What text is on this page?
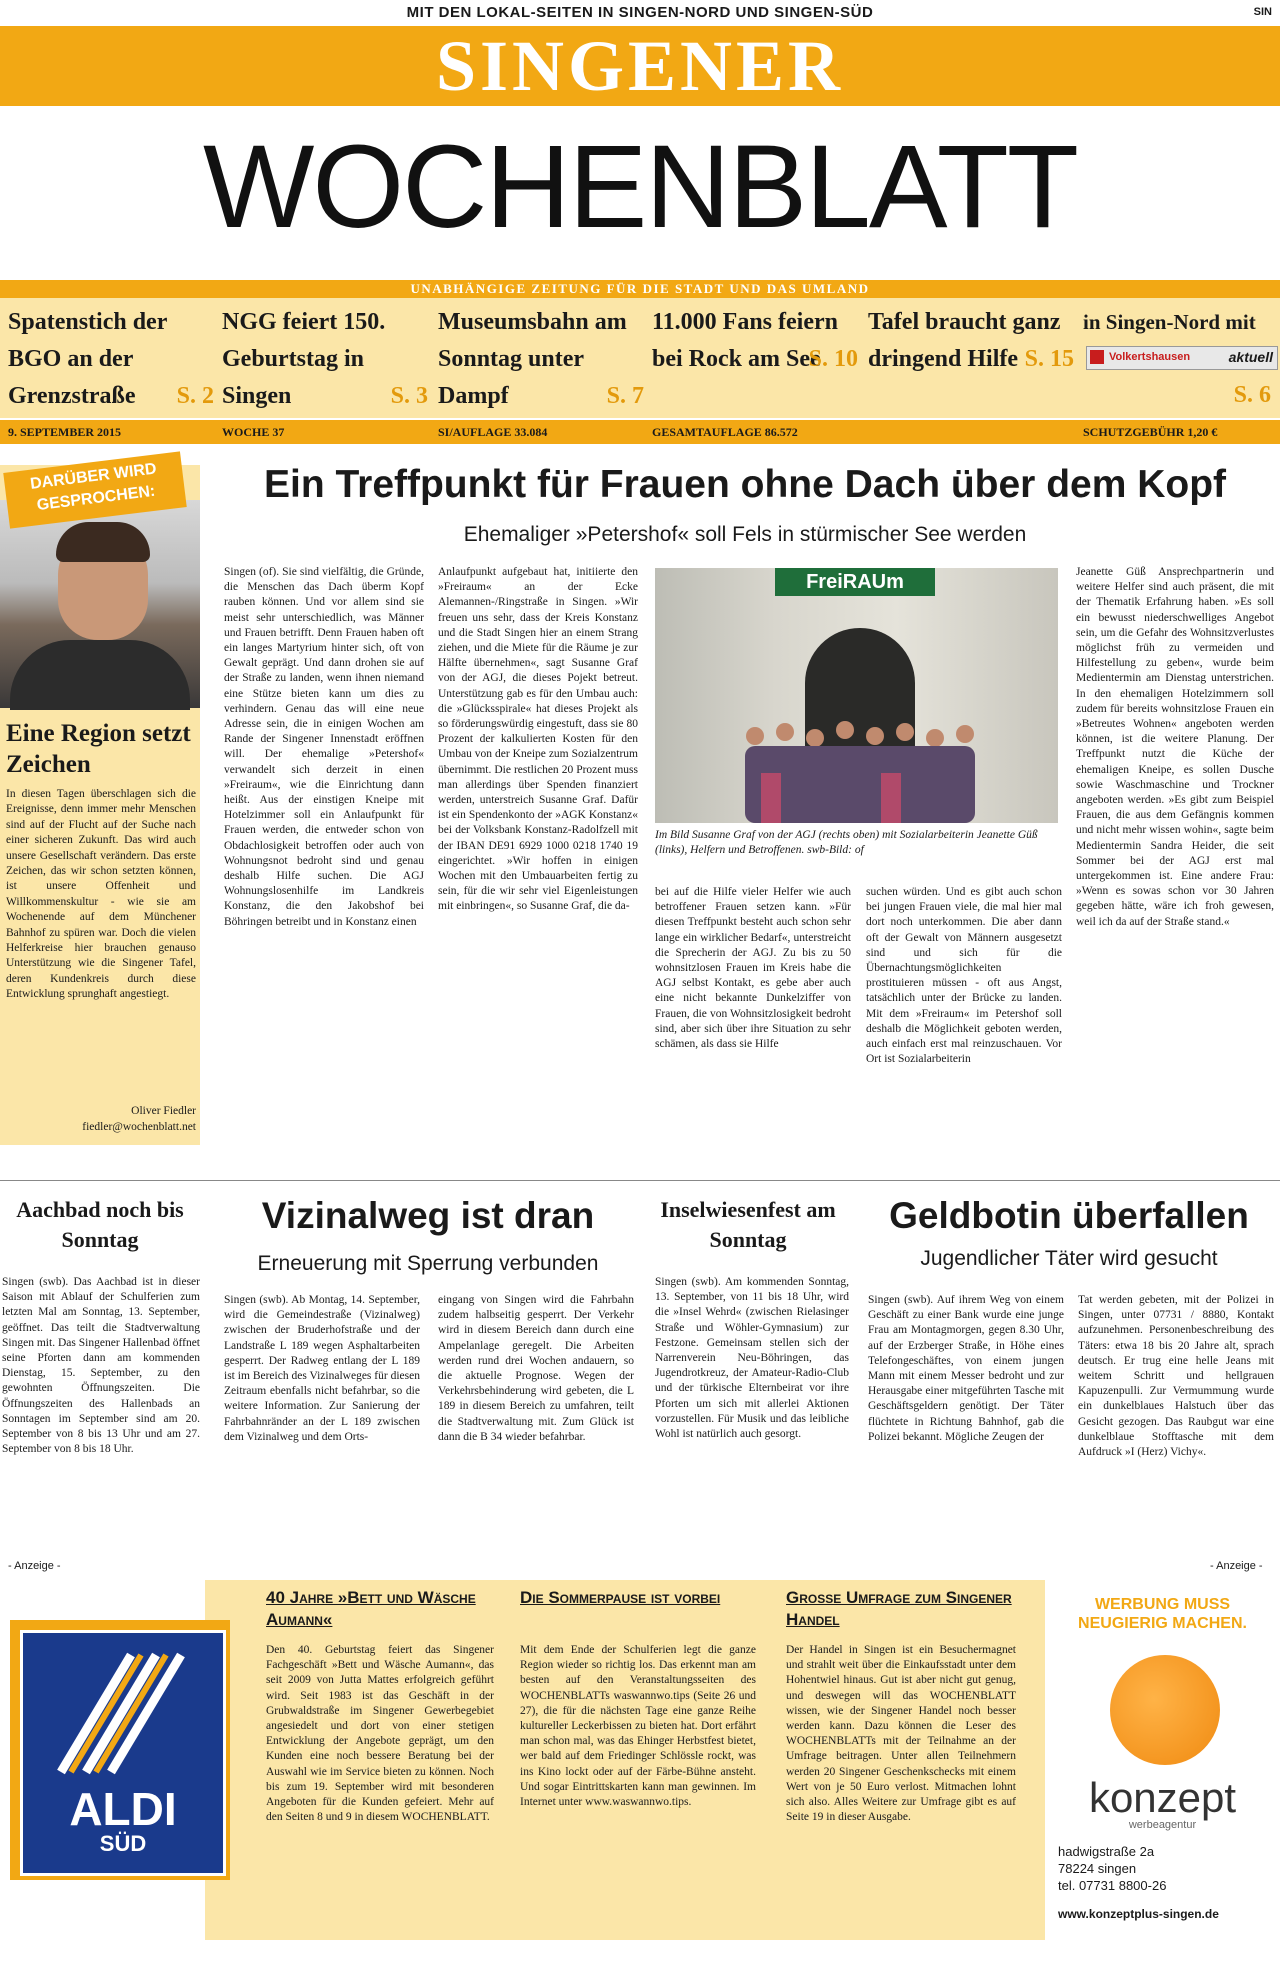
MIT DEN LOKAL-SEITEN IN SINGEN-NORD UND SINGEN-SÜD	SIN
SINGENER
WOCHENBLATT
UNABHÄNGIGE ZEITUNG FÜR DIE STADT UND DAS UMLAND
Spatenstich der BGO an der Grenzstraße S. 2
NGG feiert 150. Geburtstag in Singen	S. 3
Museumsbahn am Sonntag unter Dampf	S. 7
11.000 Fans feiern bei Rock am See
S. 10
Tafel braucht ganz dringend Hilfe S. 15
in Singen-Nord mit
S. 6
Volkertshausen	aktuell
9. SEPTEMBER 2015	WOCHE 37	SI/AUFLAGE 33.084	GESAMTAUFLAGE 86.572	SCHUTZGEBÜHR 1,20 €
DARÜBER WIRD GESPROCHEN:
Eine Region setzt Zeichen
In diesen Tagen überschlagen sich die Ereignisse, denn immer mehr Menschen sind auf der Flucht auf der Suche nach einer sicheren Zukunft. Das wird auch unsere Gesellschaft verändern. Das erste Zeichen, das wir schon setzten können, ist unsere Offenheit und Willkommenskultur - wie sie am Wochenende auf dem Münchener Bahnhof zu spüren war. Doch die vielen Helferkreise hier brauchen genauso Unterstützung wie die Singener Tafel, deren Kundenkreis durch diese Entwicklung sprunghaft angestiegt.
Oliver Fiedler
fiedler@wochenblatt.net
Ein Treffpunkt für Frauen ohne Dach über dem Kopf
Ehemaliger »Petershof« soll Fels in stürmischer See werden
Singen (of). Sie sind vielfältig, die Gründe, die Menschen das Dach überm Kopf rauben können. Und vor allem sind sie meist sehr unterschiedlich, was Männer und Frauen betrifft. Denn Frauen haben oft ein langes Martyrium hinter sich, oft von Gewalt geprägt. Und dann drohen sie auf der Straße zu landen, wenn ihnen niemand eine Stütze bieten kann um dies zu verhindern. Genau das will eine neue Adresse sein, die in einigen Wochen am Rande der Singener Innenstadt eröffnen will. Der ehemalige »Petershof« verwandelt sich derzeit in einen »Freiraum«, wie die Einrichtung dann heißt. Aus der einstigen Kneipe mit Hotelzimmer soll ein Anlaufpunkt für Frauen werden, die entweder schon von Obdachlosigkeit betroffen oder auch von Wohnungsnot bedroht sind und genau deshalb Hilfe suchen. Die AGJ Wohnungslosenhilfe im Landkreis Konstanz, die den Jakobshof bei Böhringen betreibt und in Konstanz einen
Anlaufpunkt aufgebaut hat, initiierte den »Freiraum« an der Ecke Alemannen-/Ringstraße in Singen. »Wir freuen uns sehr, dass der Kreis Konstanz und die Stadt Singen hier an einem Strang ziehen, und die Miete für die Räume je zur Hälfte übernehmen«, sagt Susanne Graf von der AGJ, die dieses Pojekt betreut. Unterstützung gab es für den Umbau auch: die »Glücksspirale« hat dieses Projekt als so förderungswürdig eingestuft, dass sie 80 Prozent der kalkulierten Kosten für den Umbau von der Kneipe zum Sozialzentrum übernimmt. Die restlichen 20 Prozent muss man allerdings über Spenden finanziert werden, unterstreich Susanne Graf. Dafür ist ein Spendenkonto der »AGK Konstanz« bei der Volksbank Konstanz-Radolfzell mit der IBAN DE91 6929 1000 0218 1740 19 eingerichtet. »Wir hoffen in einigen Wochen mit den Umbauarbeiten fertig zu sein, für die wir sehr viel Eigenleistungen mit einbringen«, so Susanne Graf, die da-
FreiRAUm
Im Bild Susanne Graf von der AGJ (rechts oben) mit Sozialarbeiterin Jeanette Güß (links), Helfern und Betroffenen. swb-Bild: of
bei auf die Hilfe vieler Helfer wie auch betroffener Frauen setzen kann. »Für diesen Treffpunkt besteht auch schon sehr lange ein wirklicher Bedarf«, unterstreicht die Sprecherin der AGJ. Zu bis zu 50 wohnsitzlosen Frauen im Kreis habe die AGJ selbst Kontakt, es gebe aber auch eine nicht bekannte Dunkelziffer von Frauen, die von Wohnsitzlosigkeit bedroht sind, aber sich über ihre Situation zu sehr schämen, als dass sie Hilfe
suchen würden. Und es gibt auch schon bei jungen Frauen viele, die mal hier mal dort noch unterkommen. Die aber dann oft der Gewalt von Männern ausgesetzt sind und sich für die Übernachtungsmöglichkeiten prostituieren müssen - oft aus Angst, tatsächlich unter der Brücke zu landen. Mit dem »Freiraum« im Petershof soll deshalb die Möglichkeit geboten werden, auch einfach erst mal reinzuschauen. Vor Ort ist Sozialarbeiterin
Jeanette Güß Ansprechpartnerin und weitere Helfer sind auch präsent, die mit der Thematik Erfahrung haben. »Es soll ein bewusst niederschwelliges Angebot sein, um die Gefahr des Wohnsitzverlustes möglichst früh zu vermeiden und Hilfestellung zu geben«, wurde beim Medientermin am Dienstag unterstrichen. In den ehemaligen Hotelzimmern soll zudem für bereits wohnsitzlose Frauen ein »Betreutes Wohnen« angeboten werden können, ist die weitere Planung. Der Treffpunkt nutzt die Küche der ehemaligen Kneipe, es sollen Dusche sowie Waschmaschine und Trockner angeboten werden. »Es gibt zum Beispiel Frauen, die aus dem Gefängnis kommen und nicht mehr wissen wohin«, sagte beim Medientermin Sandra Heider, die seit Sommer bei der AGJ erst mal untergekommen ist. Eine andere Frau: »Wenn es sowas schon vor 30 Jahren gegeben hätte, wäre ich froh gewesen, weil ich da auf der Straße stand.«
Aachbad noch bis Sonntag
Singen (swb). Das Aachbad ist in dieser Saison mit Ablauf der Schulferien zum letzten Mal am Sonntag, 13. September, geöffnet. Das teilt die Stadtverwaltung Singen mit. Das Singener Hallenbad öffnet seine Pforten dann am kommenden Dienstag, 15. September, zu den gewohnten Öffnungszeiten. Die Öffnungszeiten des Hallenbads an Sonntagen im September sind am 20. September von 8 bis 13 Uhr und am 27. September von 8 bis 18 Uhr.
- Anzeige -
Vizinalweg ist dran
Erneuerung mit Sperrung verbunden
Singen (swb). Ab Montag, 14. September, wird die Gemeindestraße (Vizinalweg) zwischen der Bruderhofstraße und der Landstraße L 189 wegen Asphaltarbeiten gesperrt. Der Radweg entlang der L 189 ist im Bereich des Vizinalweges für diesen Zeitraum ebenfalls nicht befahrbar, so die weitere Information. Zur Sanierung der Fahrbahnränder an der L 189 zwischen dem Vizinalweg und dem Orts-
eingang von Singen wird die Fahrbahn zudem halbseitig gesperrt. Der Verkehr wird in diesem Bereich dann durch eine Ampelanlage geregelt. Die Arbeiten werden rund drei Wochen andauern, so die aktuelle Prognose. Wegen der Verkehrsbehinderung wird gebeten, die L 189 in diesem Bereich zu umfahren, teilt die Stadtverwaltung mit. Zum Glück ist dann die B 34 wieder befahrbar.
Inselwiesenfest am Sonntag
Singen (swb). Am kommenden Sonntag, 13. September, von 11 bis 18 Uhr, wird die »Insel Wehrd« (zwischen Rielasinger Straße und Wöhler-Gymnasium) zur Festzone. Gemeinsam stellen sich der Narrenverein Neu-Böhringen, das Jugendrotkreuz, der Amateur-Radio-Club und der türkische Elternbeirat vor ihre Pforten um sich mit allerlei Aktionen vorzustellen. Für Musik und das leibliche Wohl ist natürlich auch gesorgt.
Geldbotin überfallen
Jugendlicher Täter wird gesucht
Singen (swb). Auf ihrem Weg von einem Geschäft zu einer Bank wurde eine junge Frau am Montagmorgen, gegen 8.30 Uhr, auf der Erzberger Straße, in Höhe eines Telefongeschäftes, von einem jungen Mann mit einem Messer bedroht und zur Herausgabe einer mitgeführten Tasche mit Geschäftsgeldern genötigt. Der Täter flüchtete in Richtung Bahnhof, gab die Polizei bekannt. Mögliche Zeugen der
Tat werden gebeten, mit der Polizei in Singen, unter 07731 / 8880, Kontakt aufzunehmen. Personenbeschreibung des Täters: etwa 18 bis 20 Jahre alt, sprach deutsch. Er trug eine helle Jeans mit weitem Schritt und hellgrauen Kapuzenpulli. Zur Vermummung wurde ein dunkelblaues Halstuch über das Gesicht gezogen. Das Raubgut war eine dunkelblaue Stofftasche mit dem Aufdruck »I (Herz) Vichy«.
- Anzeige -
ALDI
SÜD
40 Jahre »Bett und Wäsche Aumann«
Den 40. Geburtstag feiert das Singener Fachgeschäft »Bett und Wäsche Aumann«, das seit 2009 von Jutta Mattes erfolgreich geführt wird. Seit 1983 ist das Geschäft in der Grubwaldstraße im Singener Gewerbegebiet angesiedelt und dort von einer stetigen Entwicklung der Angebote geprägt, um den Kunden eine noch bessere Beratung bei der Auswahl wie im Service bieten zu können. Noch bis zum 19. September wird mit besonderen Angeboten für die Kunden gefeiert. Mehr auf den Seiten 8 und 9 in diesem WOCHENBLATT.
Die Sommerpause ist vorbei
Mit dem Ende der Schulferien legt die ganze Region wieder so richtig los. Das erkennt man am besten auf den Veranstaltungsseiten des WOCHENBLATTs waswannwo.tips (Seite 26 und 27), die für die nächsten Tage eine ganze Reihe kultureller Leckerbissen zu bieten hat. Dort erfährt man schon mal, was das Ehinger Herbstfest bietet, wer bald auf dem Friedinger Schlössle rockt, was ins Kino lockt oder auf der Färbe-Bühne ansteht. Und sogar Eintrittskarten kann man gewinnen. Im Internet unter www.waswannwo.tips.
Große Umfrage zum Singener Handel
Der Handel in Singen ist ein Besuchermagnet und strahlt weit über die Einkaufsstadt unter dem Hohentwiel hinaus. Gut ist aber nicht gut genug, und deswegen will das WOCHENBLATT wissen, wie der Singener Handel noch besser werden kann. Dazu können die Leser des WOCHENBLATTs mit der Teilnahme an der Umfrage beitragen. Unter allen Teilnehmern werden 20 Singener Geschenkschecks mit einem Wert von je 50 Euro verlost. Mitmachen lohnt sich also. Alles Weitere zur Umfrage gibt es auf Seite 19 in dieser Ausgabe.
WERBUNG MUSS NEUGIERIG MACHEN.
konzept
werbeagentur
hadwigstraße 2a
78224 singen
tel. 07731 8800-26
www.konzeptplus-singen.de
